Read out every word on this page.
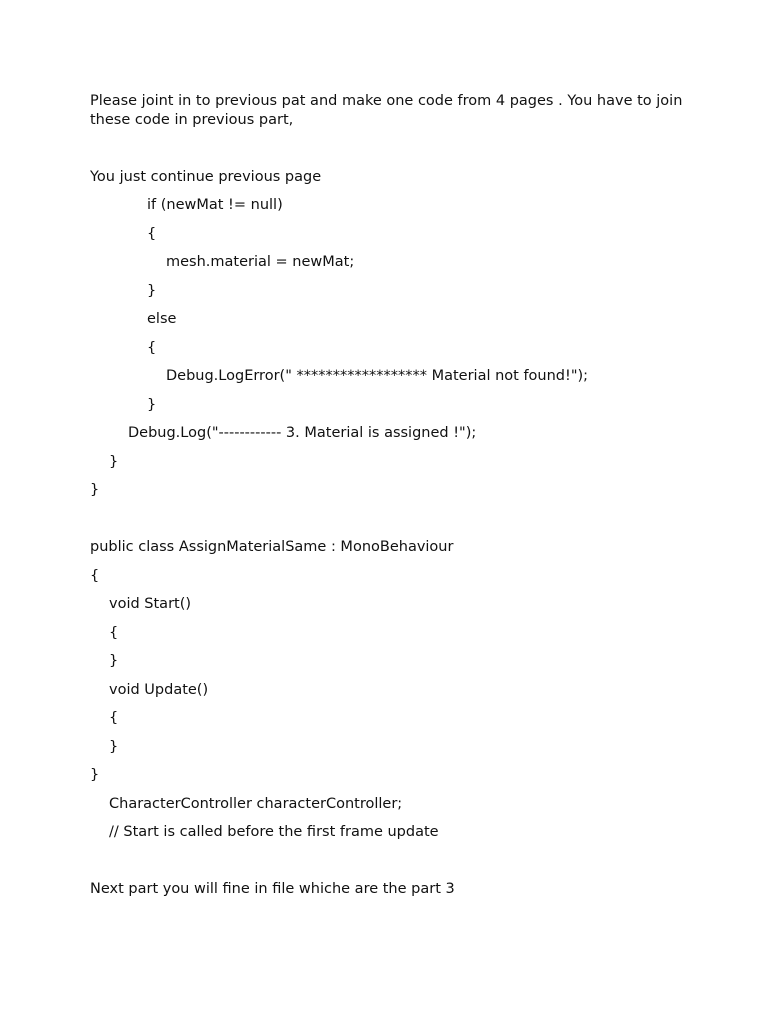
Please joint in to previous pat and make one code from 4 pages . You have to join these code in previous part,

You just continue previous page

if (newMat != null)

{

mesh.material = newMat;

}

else

{

Debug.LogError(" ****************** Material not found!");

}

Debug.Log("------------ 3. Material is assigned !");

}

}

public class AssignMaterialSame : MonoBehaviour

{

void Start()

{

}

void Update()

{

}

}

CharacterController characterController;

// Start is called before the first frame update

Next part you will fine in file whiche are the part 3
